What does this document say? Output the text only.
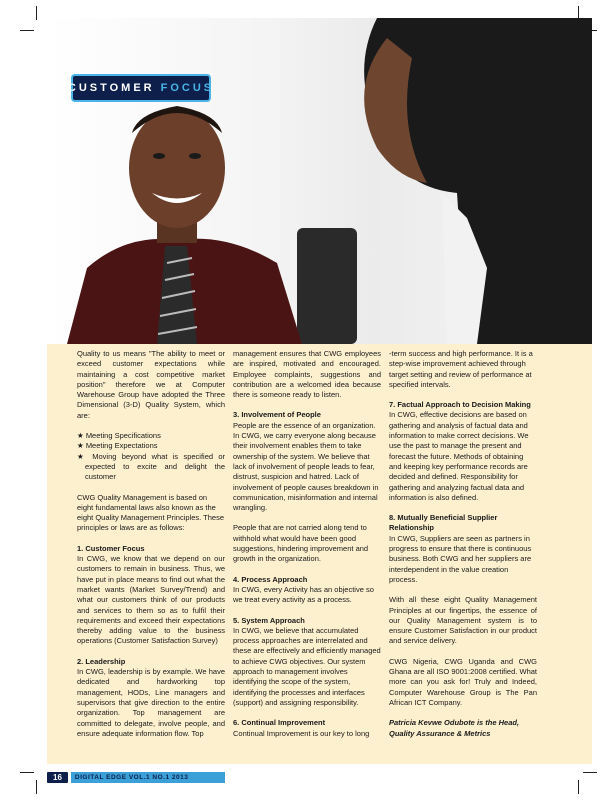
CUSTOMER FOCUS

Quality to us means "The ability to meet or exceed customer expectations while maintaining a cost competitive market position" therefore we at Computer Warehouse Group have adopted the Three Dimensional (3-D) Quality System, which are:

★ Meeting Specifications
★ Meeting Expectations
★ Moving beyond what is specified or expected to excite and delight the customer

CWG Quality Management is based on eight fundamental laws also known as the eight Quality Management Principles. These principles or laws are as follows:

1. Customer Focus

In CWG, we know that we depend on our customers to remain in business. Thus, we have put in place means to find out what the market wants (Market Survey/Trend) and what our customers think of our products and services to them so as to fulfil their requirements and exceed their expectations thereby adding value to the business operations (Customer Satisfaction Survey)

2. Leadership

In CWG, leadership is by example. We have dedicated and hardworking top management, HODs, Line managers and supervisors that give direction to the entire organization. Top management are committed to delegate, involve people, and ensure adequate information flow. Top

management ensures that CWG employees are inspired, motivated and encouraged. Employee complaints, suggestions and contribution are a welcomed idea because there is someone ready to listen.

3. Involvement of People

People are the essence of an organization. In CWG, we carry everyone along because their involvement enables them to take ownership of the system. We believe that lack of involvement of people leads to fear, distrust, suspicion and hatred. Lack of involvement of people causes breakdown in communication, misinformation and internal wrangling.

People that are not carried along tend to withhold what would have been good suggestions, hindering improvement and growth in the organization.

4. Process Approach

In CWG, every Activity has an objective so we treat every activity as a process.

5. System Approach

In CWG, we believe that accumulated process approaches are interrelated and these are effectively and efficiently managed to achieve CWG objectives. Our system approach to management involves identifying the scope of the system, identifying the processes and interfaces (support) and assigning responsibility.

6. Continual Improvement

Continual Improvement is our key to long

-term success and high performance. It is a step-wise improvement achieved through target setting and review of performance at specified intervals.

7. Factual Approach to Decision Making

In CWG, effective decisions are based on gathering and analysis of factual data and information to make correct decisions. We use the past to manage the present and forecast the future. Methods of obtaining and keeping key performance records are decided and defined. Responsibility for gathering and analyzing factual data and information is also defined.

8. Mutually Beneficial Supplier Relationship

In CWG, Suppliers are seen as partners in progress to ensure that there is continuous business. Both CWG and her suppliers are interdependent in the value creation process.

With all these eight Quality Management Principles at our fingertips, the essence of our Quality Management system is to ensure Customer Satisfaction in our product and service delivery.

CWG Nigeria, CWG Uganda and CWG Ghana are all ISO 9001:2008 certified. What more can you ask for! Truly and Indeed, Computer Warehouse Group is The Pan African ICT Company.

Patricia Kevwe Odubote is the Head, Quality Assurance & Metrics

16	DIGITAL EDGE VOL.1 NO.1 2013
